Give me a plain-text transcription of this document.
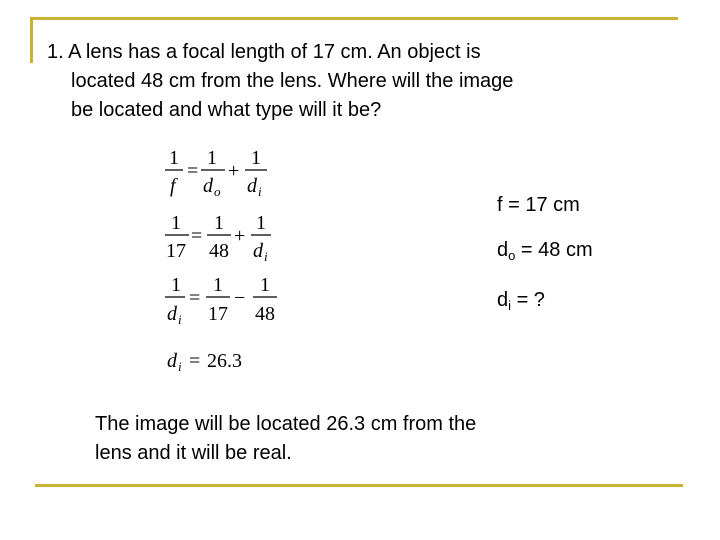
1. A lens has a focal length of 17 cm. An object is
located 48 cm from the lens. Where will the image
be located and what type will it be?
1
f
=
1
d o
+
1
d i
1
17
=
1
48
+
1
d i
1
d i
=
1
17
−
1
48
d i = 26.3
f = 17 cm
$d_o = 48$ cm
$d_i$ = ?
The image will be located 26.3 cm from the
lens and it will be real.
